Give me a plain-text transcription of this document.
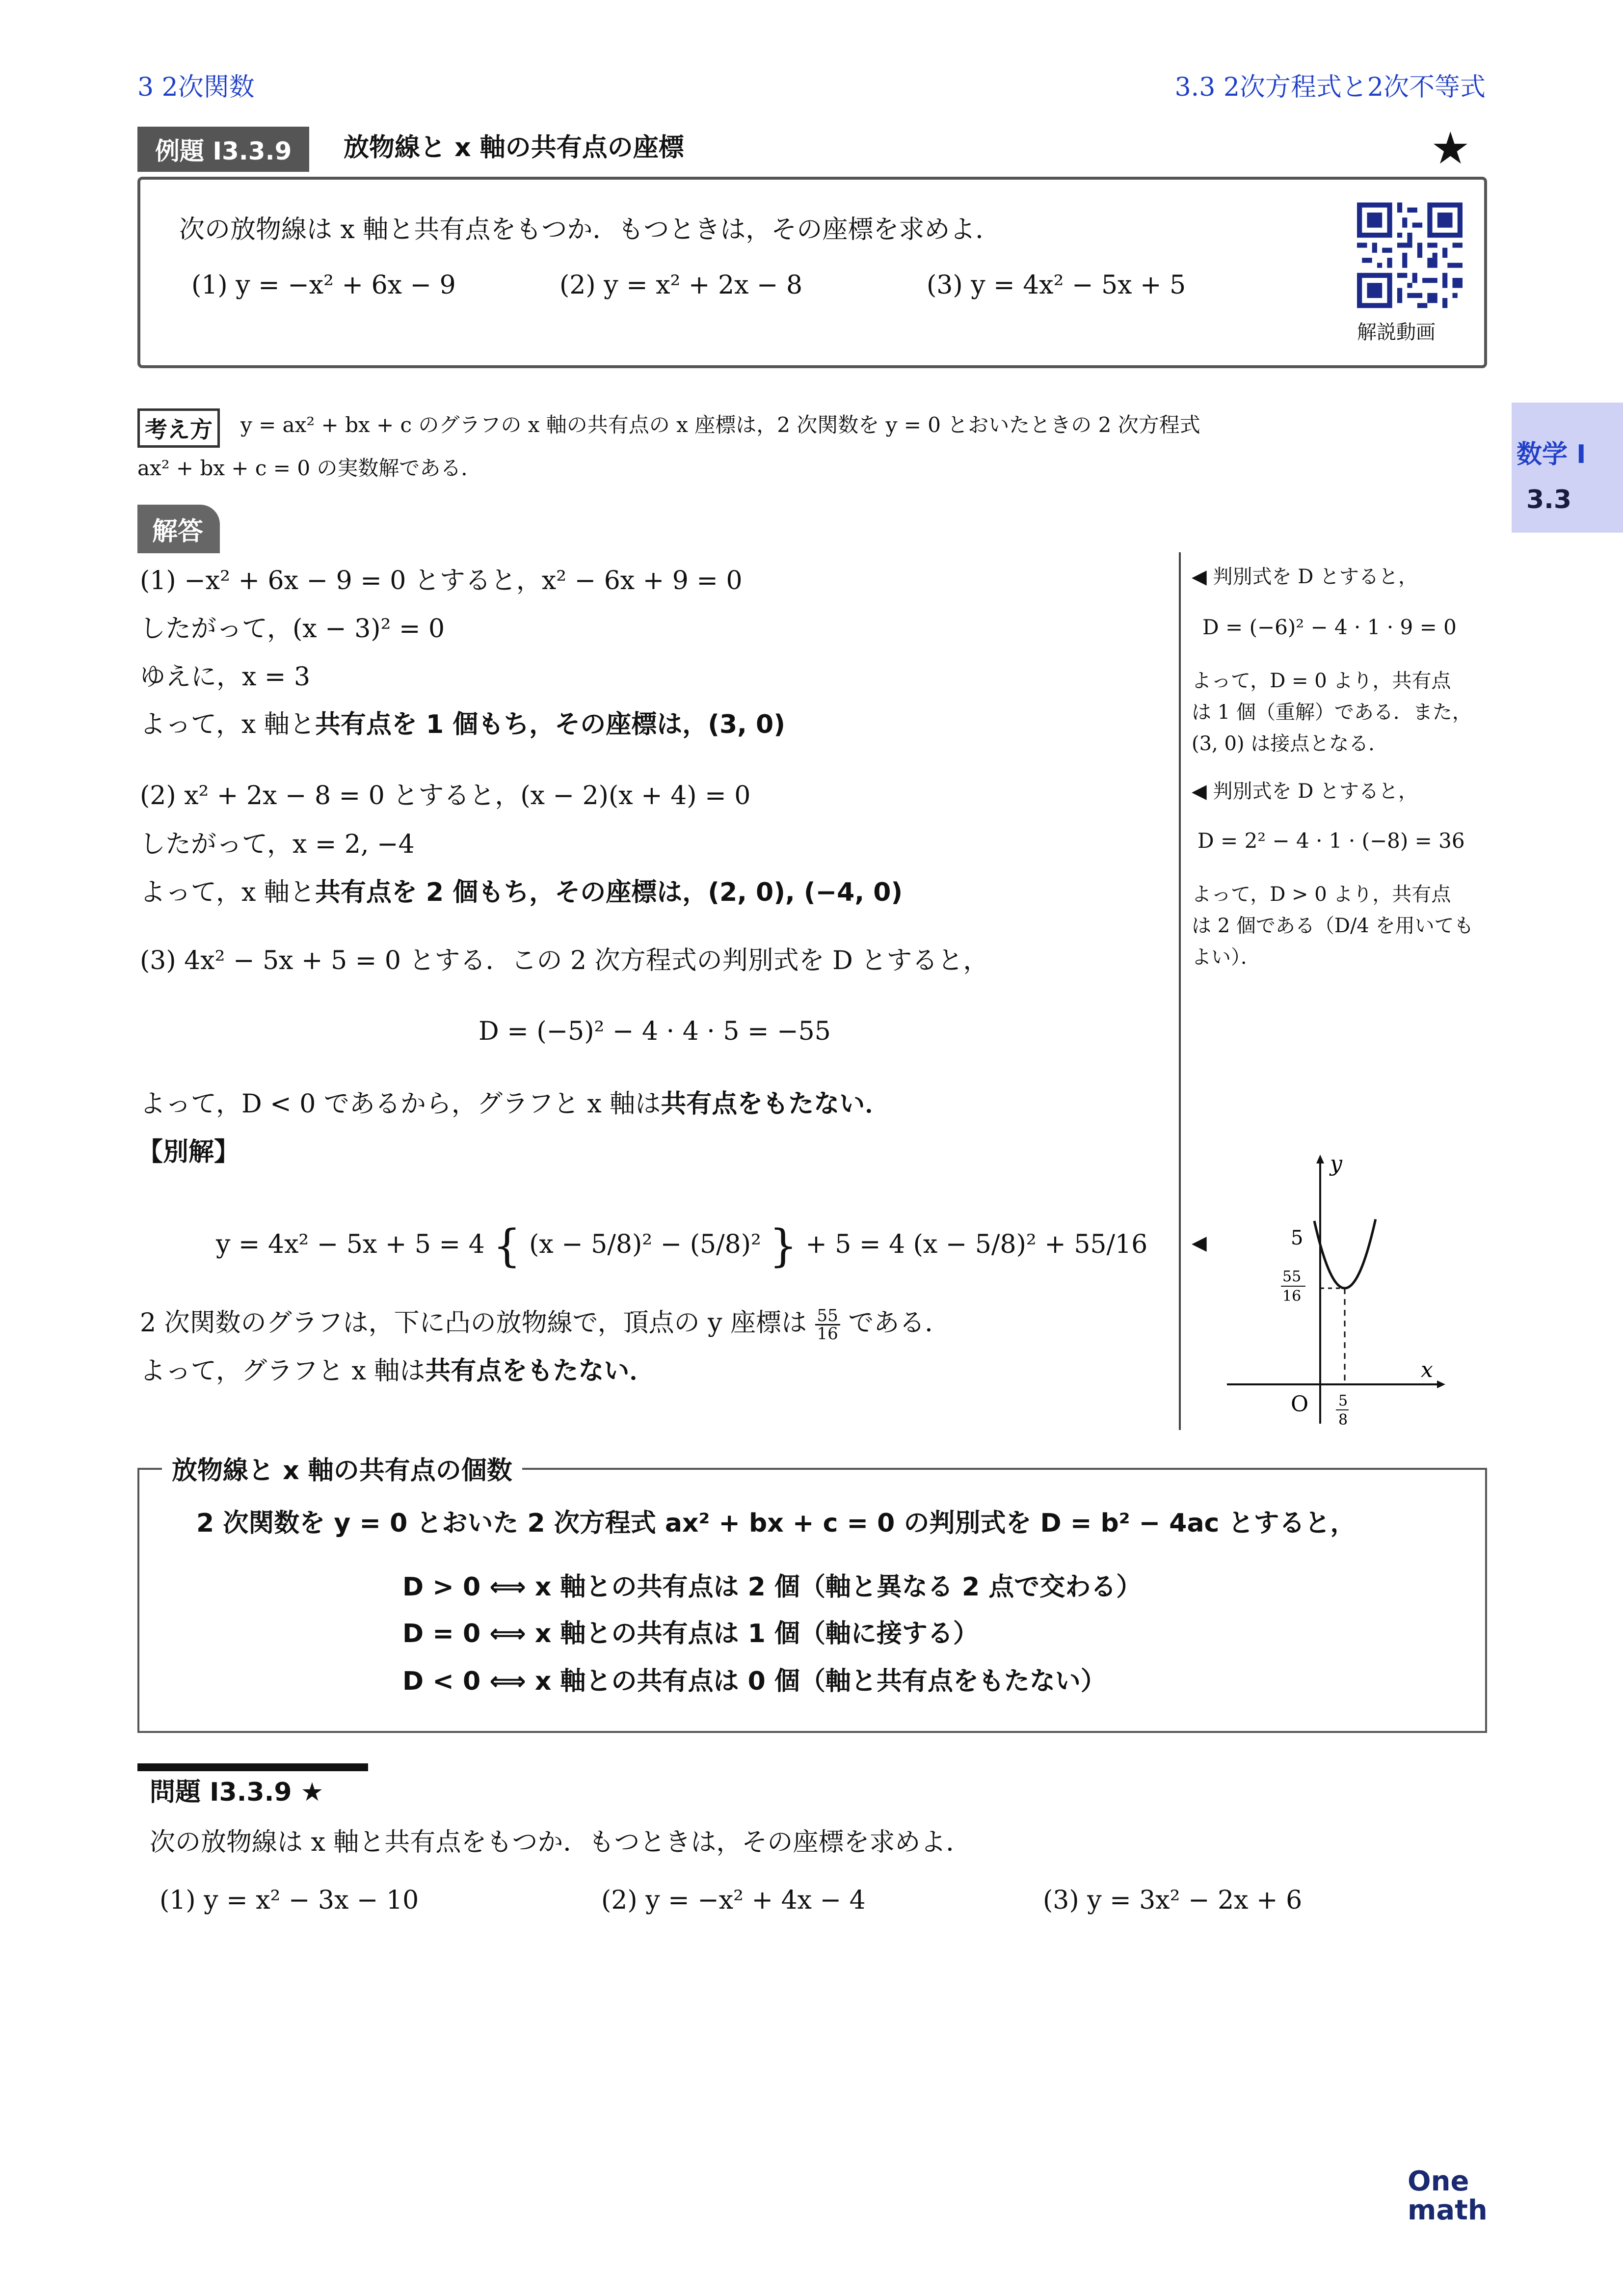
3 2次関数	3.3 2次方程式と2次不等式
例題 I3.3.9	放物線と x 軸の共有点の座標	★
次の放物線は x 軸と共有点をもつか．もつときは，その座標を求めよ．
(1) y = −x² + 6x − 9	(2) y = x² + 2x − 8	(3) y = 4x² − 5x + 5
解説動画
数学 I
3.3
考え方	y = ax² + bx + c のグラフの x 軸の共有点の x 座標は，2 次関数を y = 0 とおいたときの 2 次方程式
ax² + bx + c = 0 の実数解である．
解答
(1) −x² + 6x − 9 = 0 とすると，x² − 6x + 9 = 0
したがって，(x − 3)² = 0
ゆえに，x = 3
よって，x 軸と共有点を 1 個もち，その座標は，(3, 0)
(2) x² + 2x − 8 = 0 とすると，(x − 2)(x + 4) = 0
したがって，x = 2, −4
よって，x 軸と共有点を 2 個もち，その座標は，(2, 0), (−4, 0)
(3) 4x² − 5x + 5 = 0 とする．この 2 次方程式の判別式を D とすると，
D = (−5)² − 4 · 4 · 5 = −55
よって，D < 0 であるから，グラフと x 軸は共有点をもたない．
【別解】
y = 4x² − 5x + 5 = 4 { (x − 5/8)² − (5/8)² } + 5 = 4 (x − 5/8)² + 55/16
2 次関数のグラフは，下に凸の放物線で，頂点の y 座標は $\frac{55}{16}$ である．
よって，グラフと x 軸は共有点をもたない．
◀ 判別式を D とすると，
D = (−6)² − 4 · 1 · 9 = 0
よって，D = 0 より，共有点
は 1 個（重解）である．また，
(3, 0) は接点となる．
◀ 判別式を D とすると，
D = 2² − 4 · 1 · (−8) = 36
よって，D > 0 より，共有点
は 2 個である（D/4 を用いても
よい）．
◀
y
x
O
5
55
16
5
8
放物線と x 軸の共有点の個数
2 次関数を y = 0 とおいた 2 次方程式 ax² + bx + c = 0 の判別式を D = b² − 4ac とすると，
D > 0 ⟺ x 軸との共有点は 2 個（軸と異なる 2 点で交わる）
D = 0 ⟺ x 軸との共有点は 1 個（軸に接する）
D < 0 ⟺ x 軸との共有点は 0 個（軸と共有点をもたない）
問題 I3.3.9 ★
次の放物線は x 軸と共有点をもつか．もつときは，その座標を求めよ．
(1) y = x² − 3x − 10	(2) y = −x² + 4x − 4	(3) y = 3x² − 2x + 6
One
math
